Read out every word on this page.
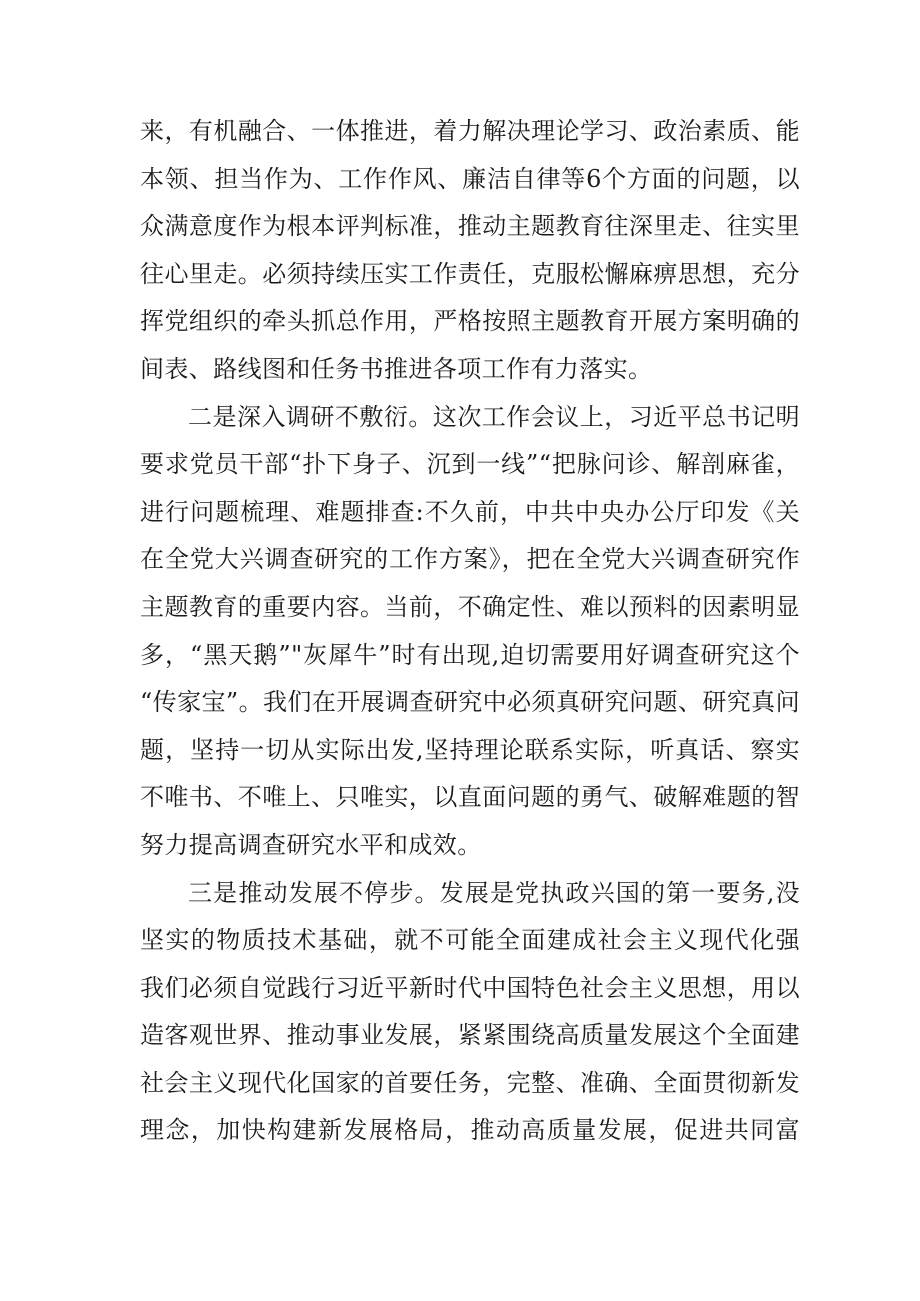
来，有机融合、一体推进，着力解决理论学习、政治素质、能
本领、担当作为、工作作风、廉洁自律等6个方面的问题，以
众满意度作为根本评判标准，推动主题教育往深里走、往实里
往心里走。必须持续压实工作责任，克服松懈麻痹思想，充分
挥党组织的牵头抓总作用，严格按照主题教育开展方案明确的
间表、路线图和任务书推进各项工作有力落实。
二是深入调研不敷衍。这次工作会议上，习近平总书记明
要求党员干部“扑下身子、沉到一线”“把脉问诊、解剖麻雀，
进行问题梳理、难题排查:不久前，中共中央办公厅印发《关
在全党大兴调查研究的工作方案》，把在全党大兴调查研究作
主题教育的重要内容。当前，不确定性、难以预料的因素明显
多，“黑天鹅”"灰犀牛”时有出现,迫切需要用好调查研究这个
“传家宝”。我们在开展调查研究中必须真研究问题、研究真问
题，坚持一切从实际出发,坚持理论联系实际，听真话、察实
不唯书、不唯上、只唯实，以直面问题的勇气、破解难题的智
努力提高调查研究水平和成效。
三是推动发展不停步。发展是党执政兴国的第一要务,没
坚实的物质技术基础，就不可能全面建成社会主义现代化强
我们必须自觉践行习近平新时代中国特色社会主义思想，用以
造客观世界、推动事业发展，紧紧围绕高质量发展这个全面建
社会主义现代化国家的首要任务，完整、准确、全面贯彻新发
理念，加快构建新发展格局，推动高质量发展，促进共同富
